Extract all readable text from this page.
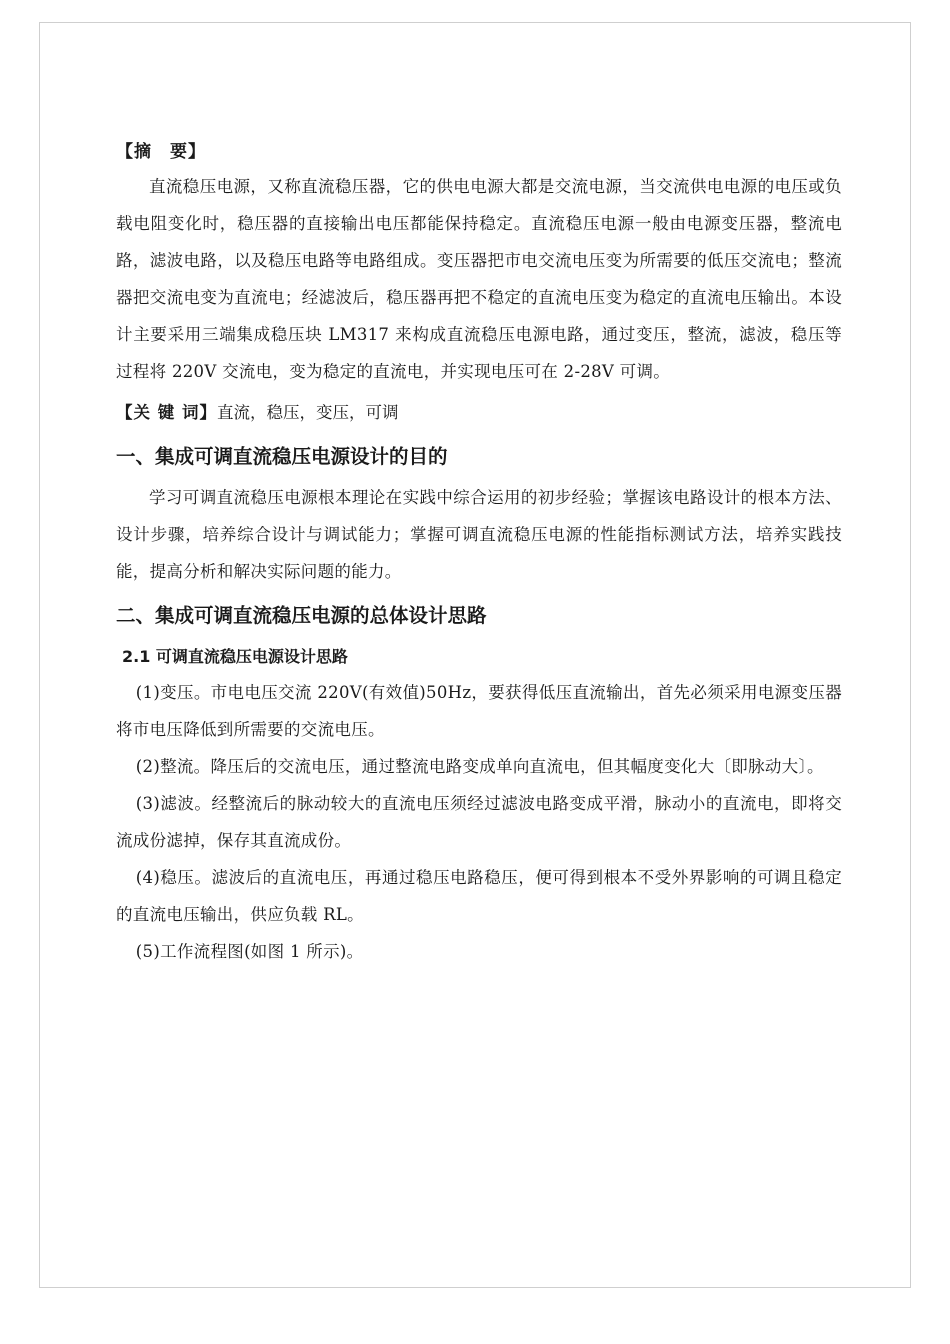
【摘　要】

直流稳压电源，又称直流稳压器，它的供电电源大都是交流电源，当交流供电电源的电压或负载电阻变化时，稳压器的直接输出电压都能保持稳定。直流稳压电源一般由电源变压器，整流电路，滤波电路，以及稳压电路等电路组成。变压器把市电交流电压变为所需要的低压交流电；整流器把交流电变为直流电；经滤波后，稳压器再把不稳定的直流电压变为稳定的直流电压输出。本设计主要采用三端集成稳压块 LM317 来构成直流稳压电源电路，通过变压，整流，滤波，稳压等过程将 220V 交流电，变为稳定的直流电，并实现电压可在 2-28V 可调。

【关 键 词】直流，稳压，变压，可调

一、集成可调直流稳压电源设计的目的

学习可调直流稳压电源根本理论在实践中综合运用的初步经验；掌握该电路设计的根本方法、设计步骤，培养综合设计与调试能力；掌握可调直流稳压电源的性能指标测试方法，培养实践技能，提高分析和解决实际问题的能力。

二、集成可调直流稳压电源的总体设计思路
2.1 可调直流稳压电源设计思路

(1)变压。市电电压交流 220V(有效值)50Hz，要获得低压直流输出，首先必须采用电源变压器将市电压降低到所需要的交流电压。

(2)整流。降压后的交流电压，通过整流电路变成单向直流电，但其幅度变化大〔即脉动大〕。

(3)滤波。经整流后的脉动较大的直流电压须经过滤波电路变成平滑，脉动小的直流电，即将交流成份滤掉，保存其直流成份。

(4)稳压。滤波后的直流电压，再通过稳压电路稳压，便可得到根本不受外界影响的可调且稳定的直流电压输出，供应负载 RL。

(5)工作流程图(如图 1 所示)。
